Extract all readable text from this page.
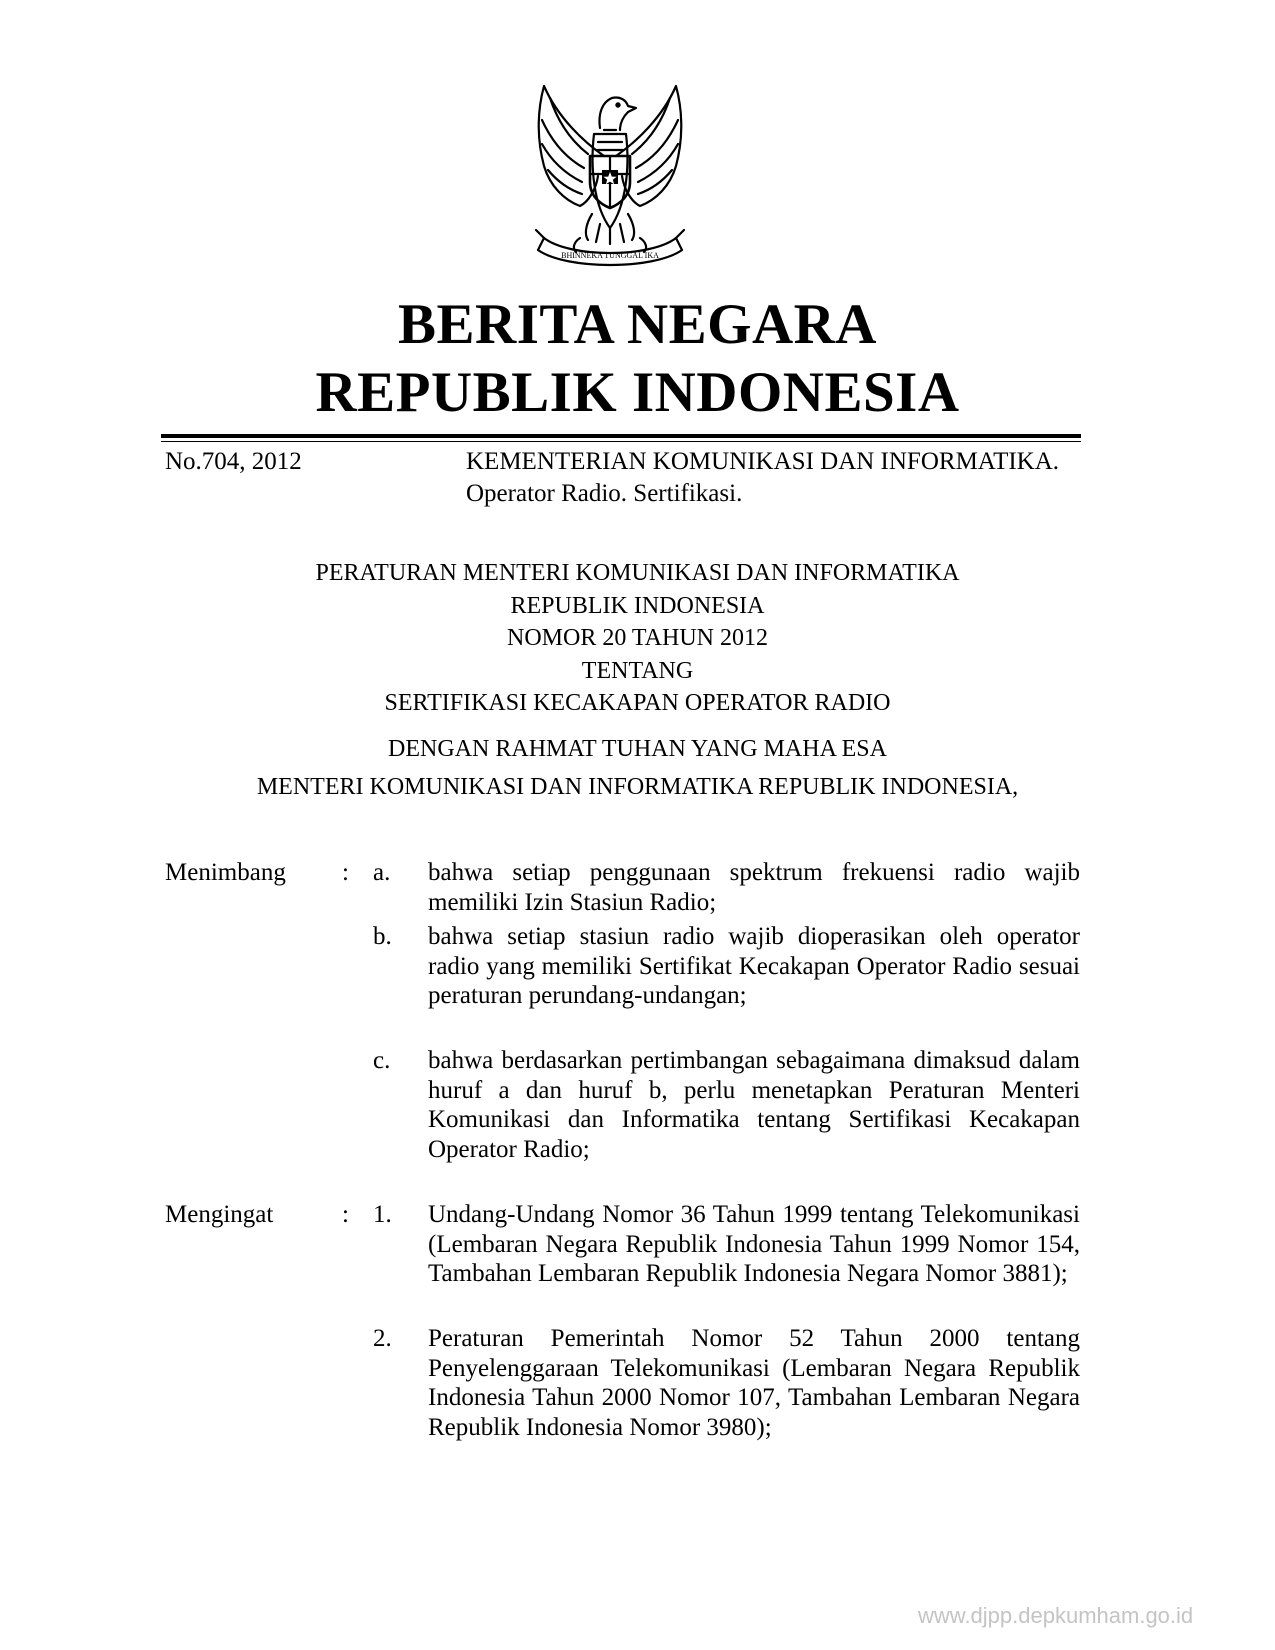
BHINNEKA TUNGGAL IKA
BERITA NEGARA
REPUBLIK INDONESIA
No.704, 2012	KEMENTERIAN KOMUNIKASI DAN INFORMATIKA.
Operator Radio. Sertifikasi.
PERATURAN MENTERI KOMUNIKASI DAN INFORMATIKA
REPUBLIK INDONESIA
NOMOR 20 TAHUN 2012
TENTANG
SERTIFIKASI KECAKAPAN OPERATOR RADIO
DENGAN RAHMAT TUHAN YANG MAHA ESA
MENTERI KOMUNIKASI DAN INFORMATIKA REPUBLIK INDONESIA,
Menimbang : a. bahwa setiap penggunaan spektrum frekuensi radio wajib memiliki Izin Stasiun Radio;
b. bahwa setiap stasiun radio wajib dioperasikan oleh operator radio yang memiliki Sertifikat Kecakapan Operator Radio sesuai peraturan perundang-undangan;
c. bahwa berdasarkan pertimbangan sebagaimana dimaksud dalam huruf a dan huruf b, perlu menetapkan Peraturan Menteri Komunikasi dan Informatika tentang Sertifikasi Kecakapan Operator Radio;
Mengingat	: 1. Undang-Undang Nomor 36 Tahun 1999 tentang Telekomunikasi (Lembaran Negara Republik Indonesia Tahun 1999 Nomor 154, Tambahan Lembaran Republik Indonesia Negara Nomor 3881);
2. Peraturan Pemerintah Nomor 52 Tahun 2000 tentang Penyelenggaraan Telekomunikasi (Lembaran Negara Republik Indonesia Tahun 2000 Nomor 107, Tambahan Lembaran Negara Republik Indonesia Nomor 3980);
www.djpp.depkumham.go.id
